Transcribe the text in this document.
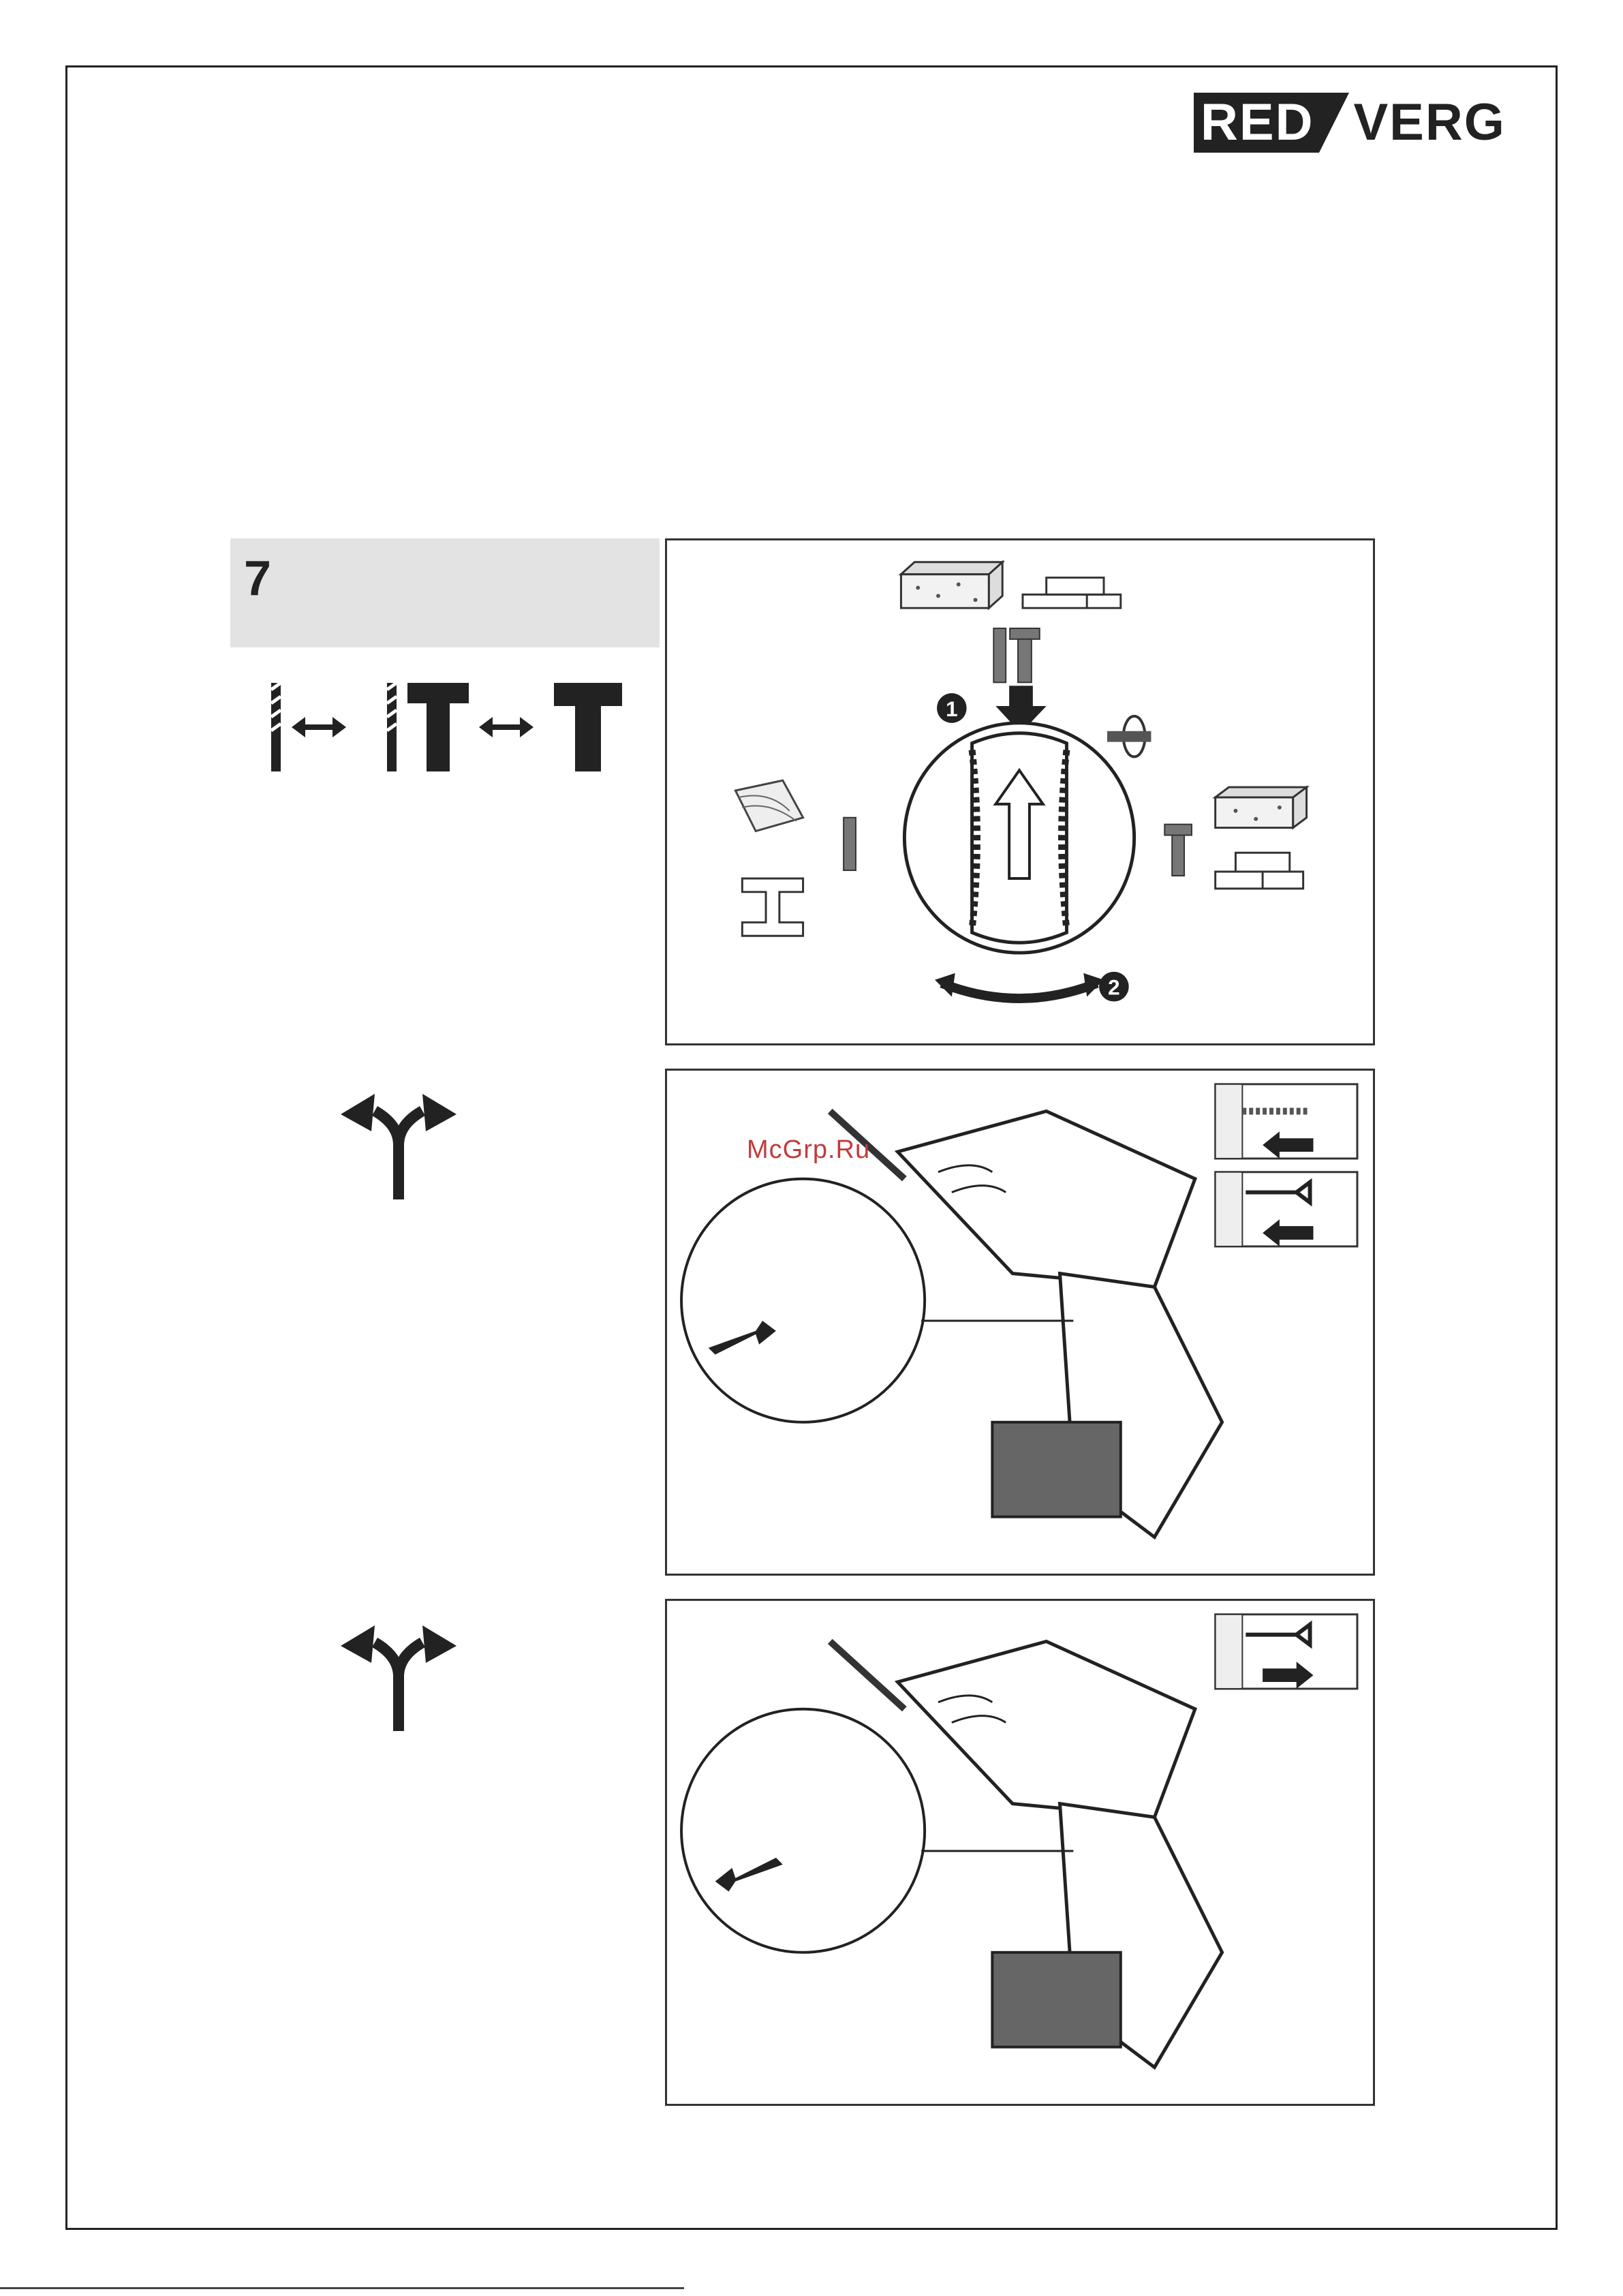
RED VERG
7
1
2
McGrp.Ru
